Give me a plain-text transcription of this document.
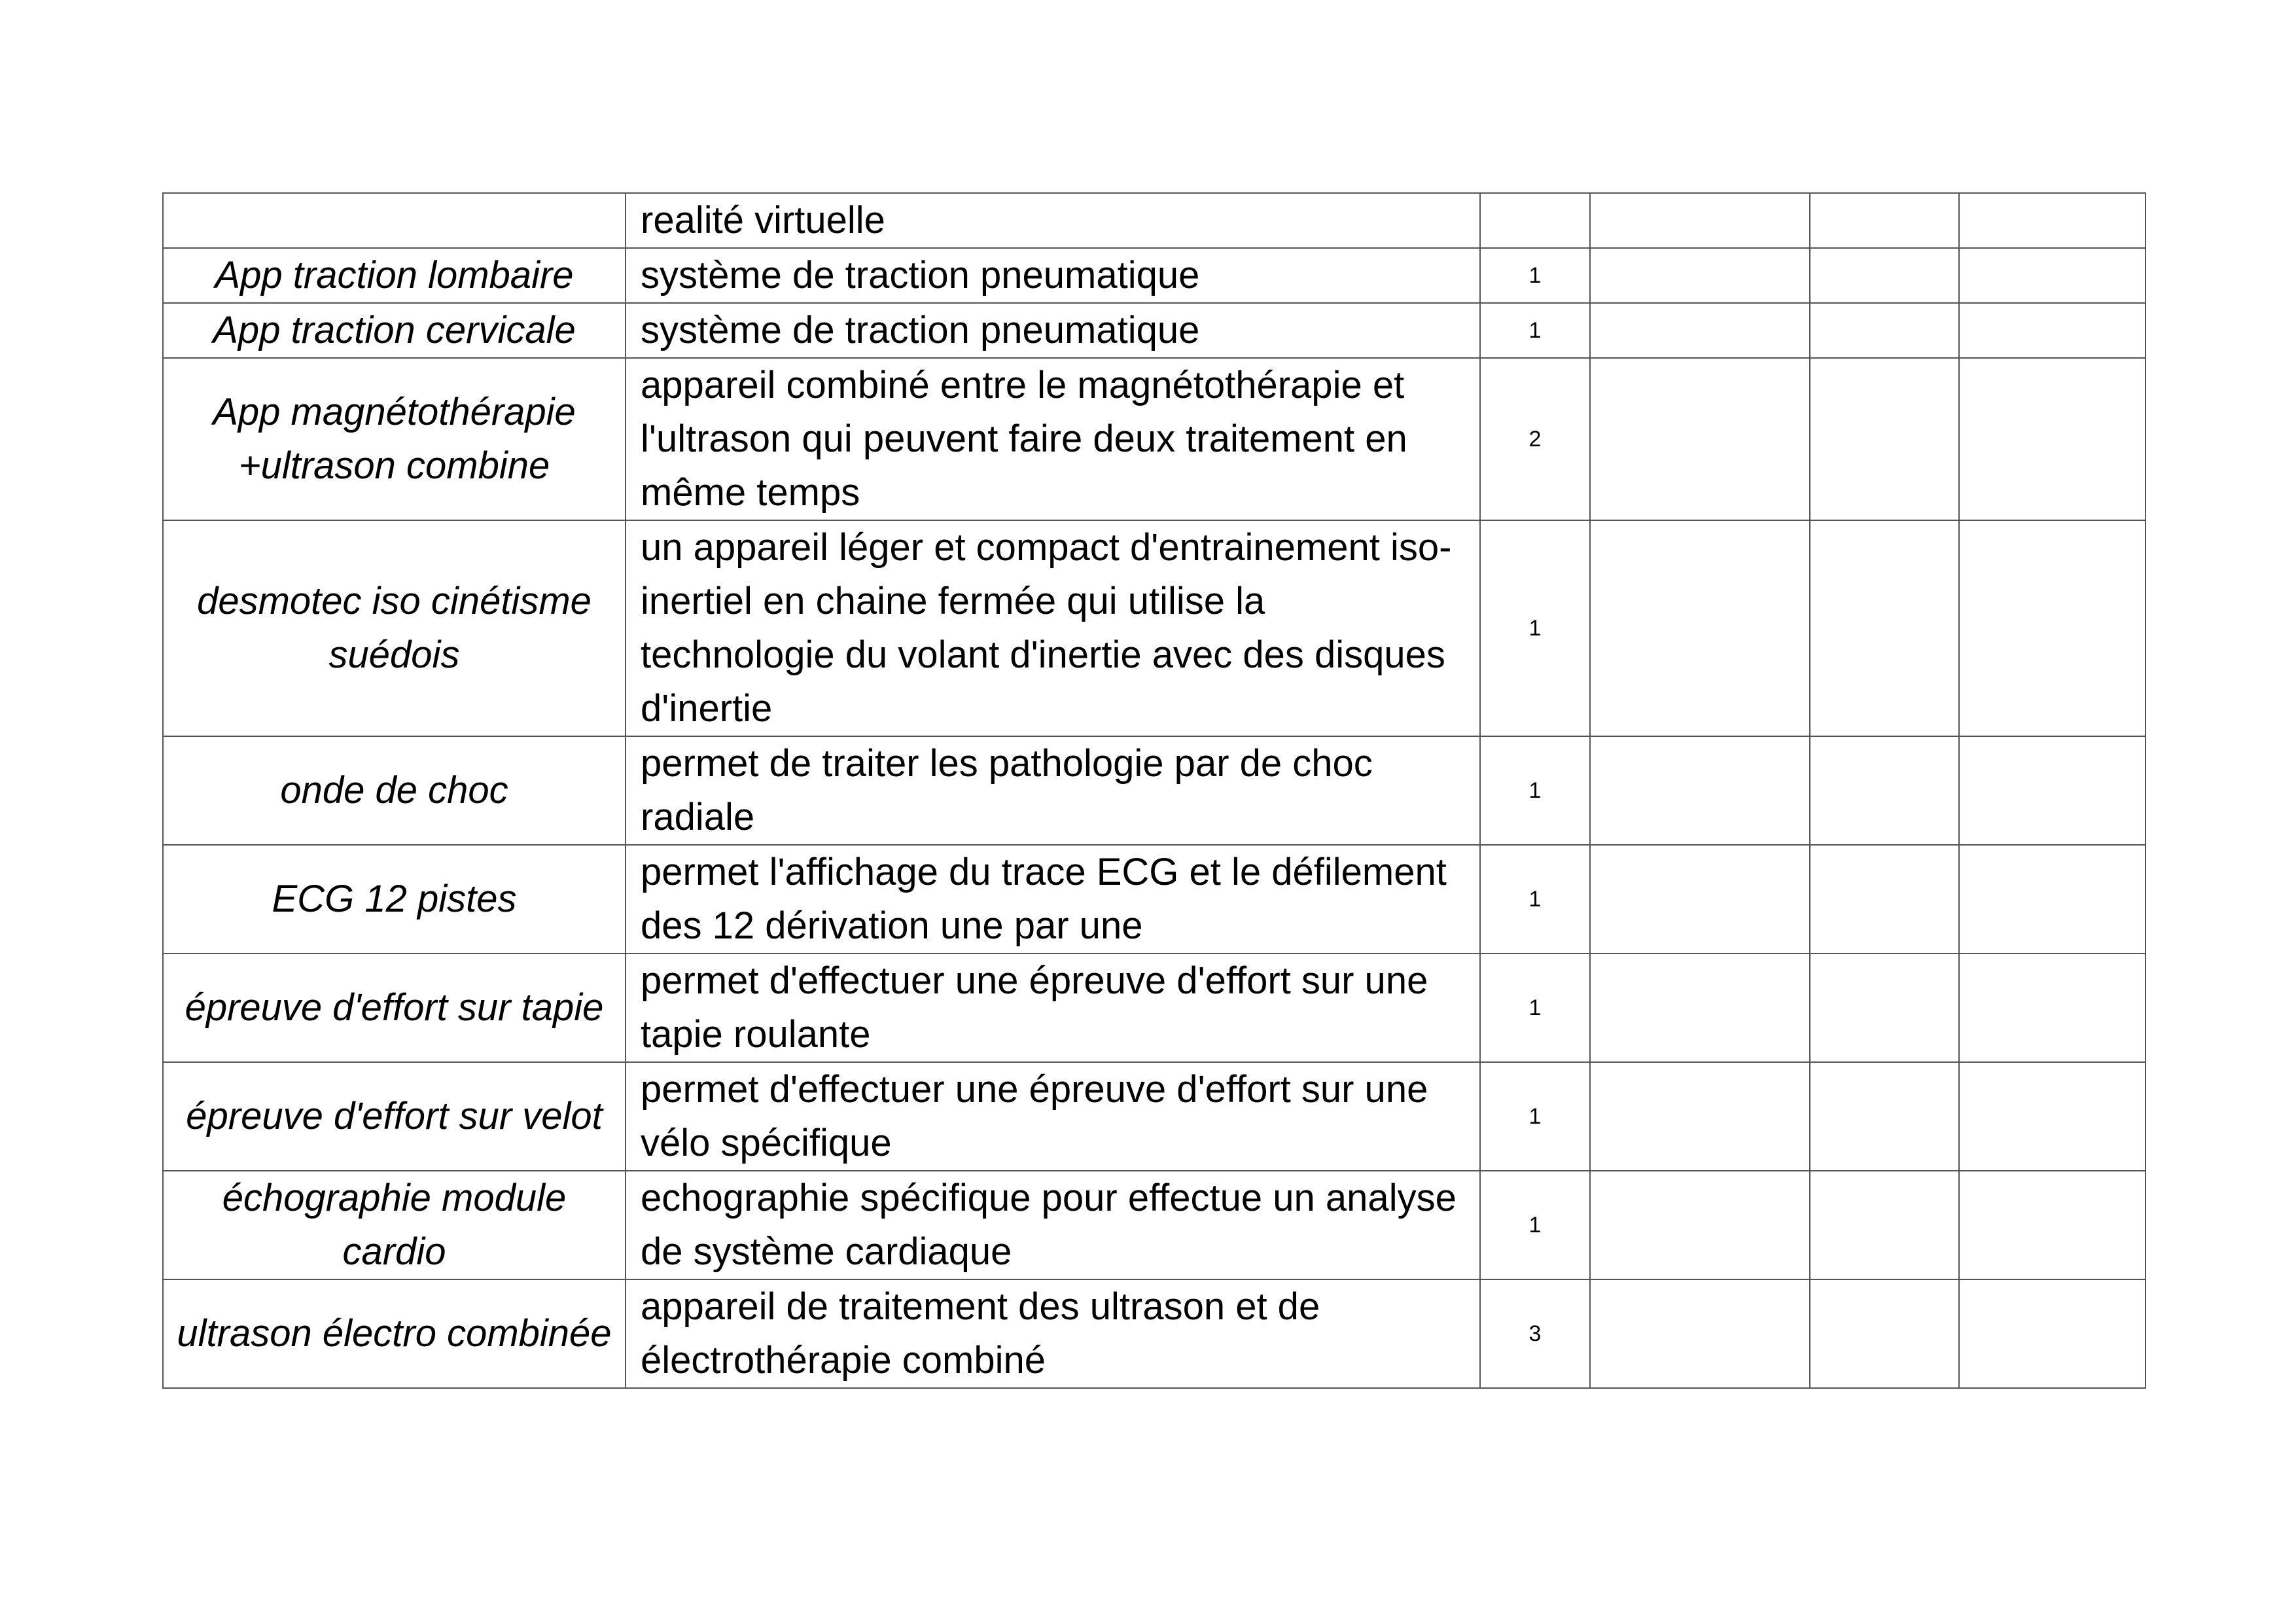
	realité virtuelle				
App traction lombaire	système de traction pneumatique	1			
App traction cervicale	système de traction pneumatique	1			
App magnétothérapie +ultrason combine	appareil combiné entre le magnétothérapie et l'ultrason qui peuvent faire deux traitement en même temps	2			
desmotec iso cinétisme suédois	un appareil léger et compact d'entrainement iso-inertiel en chaine fermée qui utilise la technologie du volant d'inertie avec des disques d'inertie	1			
onde de choc	permet de traiter les pathologie par de choc radiale	1			
ECG 12 pistes	permet l'affichage du trace ECG et le défilement des 12 dérivation une par une	1			
épreuve d'effort sur tapie	permet d'effectuer une épreuve d'effort sur une tapie roulante	1			
épreuve d'effort sur velot	permet d'effectuer une épreuve d'effort sur une vélo spécifique	1			
échographie module cardio	echographie spécifique pour effectue un analyse de système cardiaque	1			
ultrason électro combinée	appareil de traitement des ultrason et de électrothérapie combiné	3			
